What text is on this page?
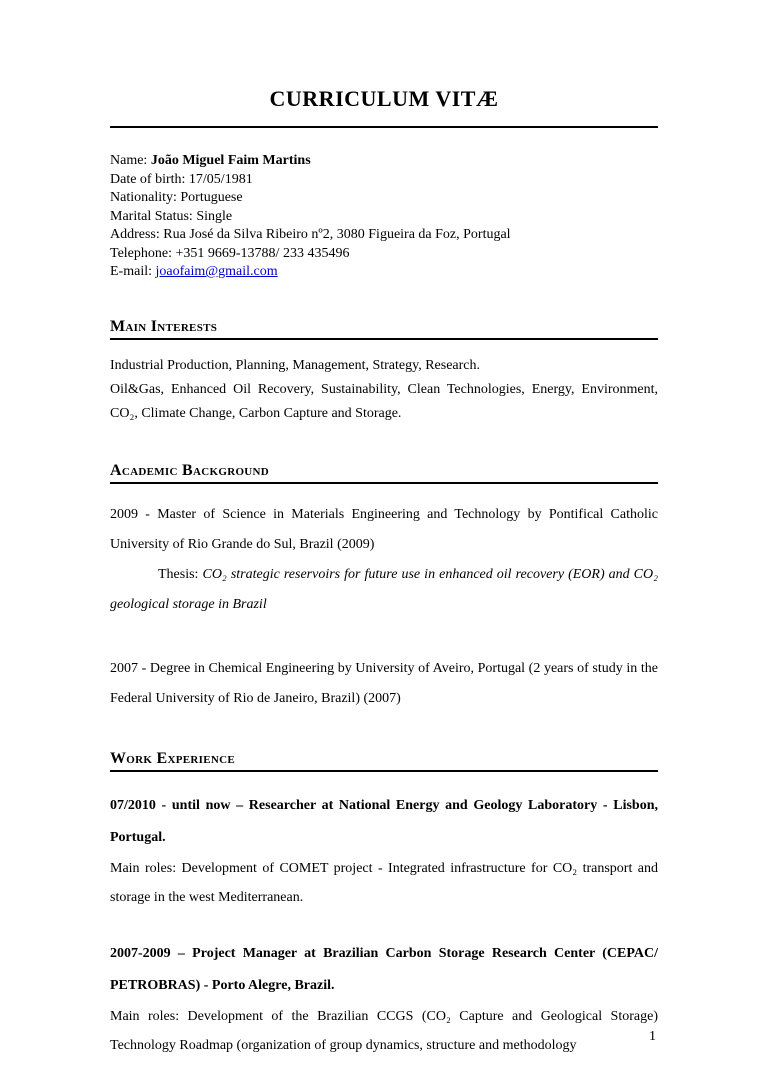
CURRICULUM VITÆ

Name: João Miguel Faim Martins

Date of birth: 17/05/1981

Nationality: Portuguese

Marital Status: Single

Address: Rua José da Silva Ribeiro nº2, 3080 Figueira da Foz, Portugal

Telephone: +351 9669-13788/ 233 435496

E-mail: joaofaim@gmail.com

Main Interests

Industrial Production, Planning, Management, Strategy, Research.
Oil&Gas, Enhanced Oil Recovery, Sustainability, Clean Technologies, Energy, Environment, CO₂, Climate Change, Carbon Capture and Storage.

Academic Background

2009 - Master of Science in Materials Engineering and Technology by Pontifical Catholic University of Rio Grande do Sul, Brazil (2009)

Thesis: CO₂ strategic reservoirs for future use in enhanced oil recovery (EOR) and CO₂ geological storage in Brazil

2007 - Degree in Chemical Engineering by University of Aveiro, Portugal (2 years of study in the Federal University of Rio de Janeiro, Brazil) (2007)

Work Experience

07/2010 - until now – Researcher at National Energy and Geology Laboratory - Lisbon, Portugal.

Main roles: Development of COMET project - Integrated infrastructure for CO₂ transport and storage in the west Mediterranean.

2007-2009 – Project Manager at Brazilian Carbon Storage Research Center (CEPAC/ PETROBRAS) - Porto Alegre, Brazil.

Main roles: Development of the Brazilian CCGS (CO₂ Capture and Geological Storage) Technology Roadmap (organization of group dynamics, structure and methodology

1
